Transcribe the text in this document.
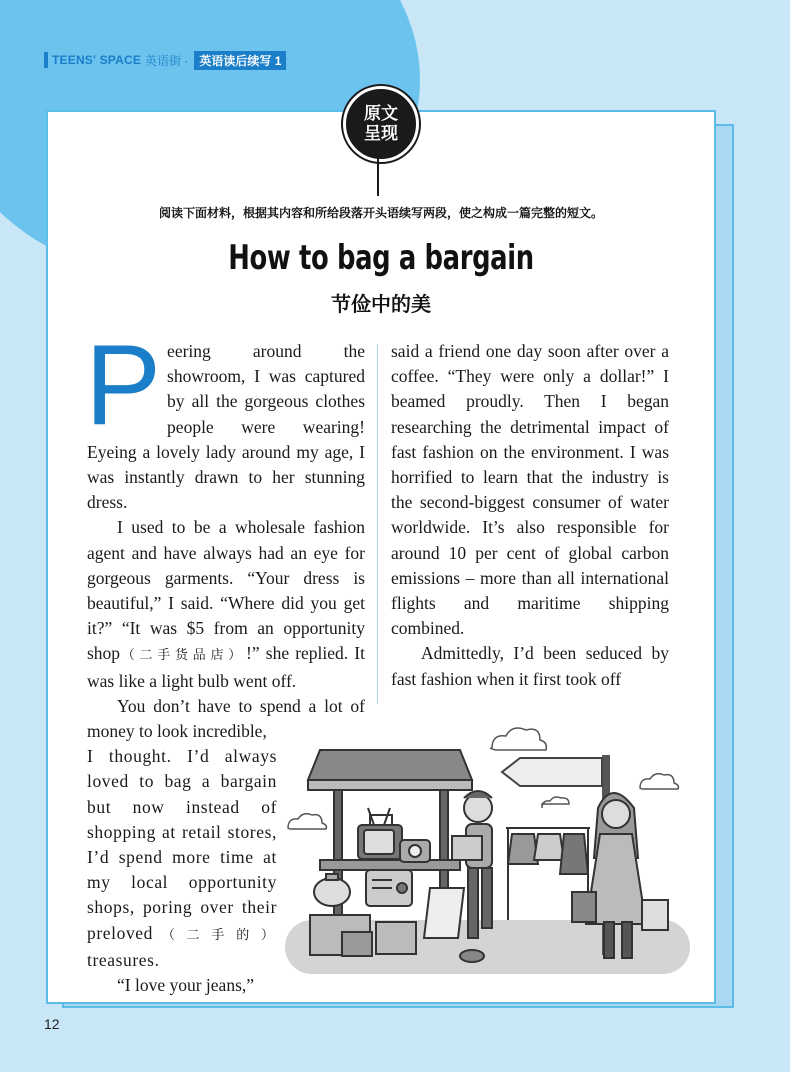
TEENS' SPACE 英语街 · 英语读后续写 1
原文
呈现
阅读下面材料，根据其内容和所给段落开头语续写两段，使之构成一篇完整的短文。
How to bag a bargain
节俭中的美

Peering around the showroom, I was captured by all the gorgeous clothes people were wearing! Eyeing a lovely lady around my age, I was instantly drawn to her stunning dress.

I used to be a wholesale fashion agent and have always had an eye for gorgeous garments. “Your dress is beautiful,” I said. “Where did you get it?” “It was $5 from an opportunity shop（二手货品店）!” she replied. It was like a light bulb went off.

You don’t have to spend a lot of money to look incredible,

I thought. I’d always loved to bag a bargain but now instead of shopping at retail stores, I’d spend more time at my local opportunity shops, poring over their preloved（二手的）treasures.

“I love your jeans,”

said a friend one day soon after over a coffee. “They were only a dollar!” I beamed proudly. Then I began researching the detrimental impact of fast fashion on the environment. I was horrified to learn that the industry is the second-biggest consumer of water worldwide. It’s also responsible for around 10 per cent of global carbon emissions – more than all international flights and maritime shipping combined.

Admittedly, I’d been seduced by fast fashion when it first took off

12
